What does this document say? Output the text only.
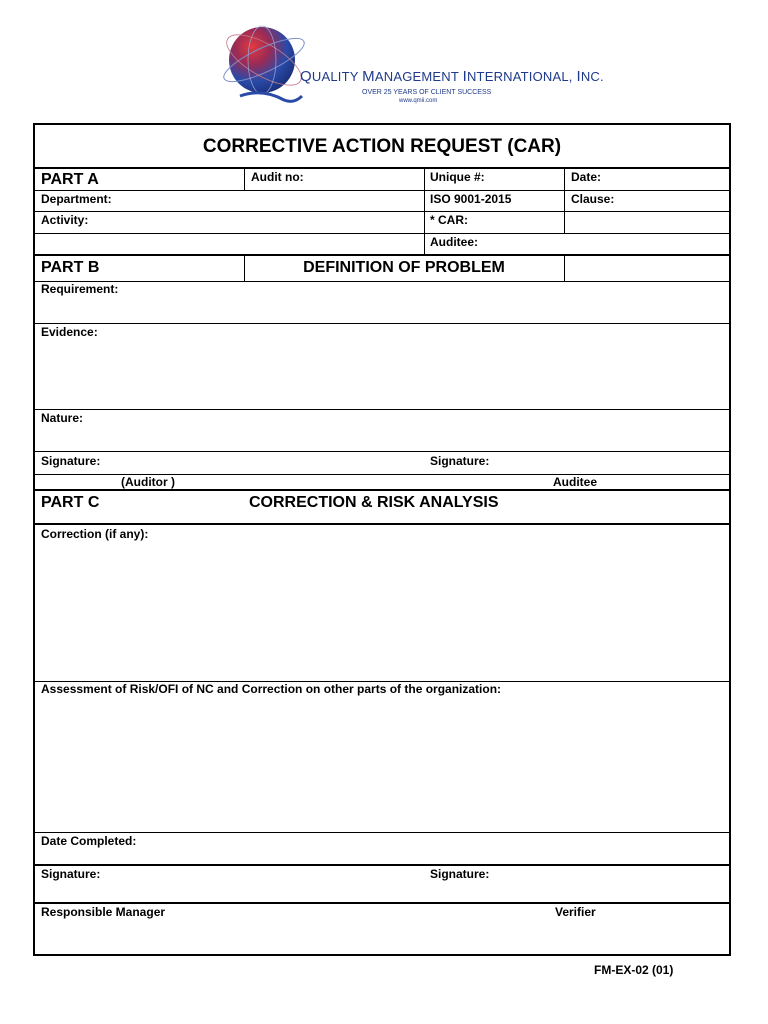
QUALITY MANAGEMENT INTERNATIONAL, INC.
OVER 25 YEARS OF CLIENT SUCCESS
www.qmii.com
CORRECTIVE ACTION REQUEST (CAR)
PART A	Audit no:	Unique #:	Date:
Department:	ISO 9001-2015	Clause:
Activity:	* CAR:
Auditee:
PART B	DEFINITION OF PROBLEM
Requirement:
Evidence:
Nature:
Signature:	Signature:
(Auditor )	Auditee
PART C	CORRECTION & RISK ANALYSIS
Correction (if any):
Assessment of Risk/OFI of NC and Correction on other parts of the organization:
Date Completed:
Signature:	Signature:
Responsible Manager	Verifier
FM-EX-02 (01)
